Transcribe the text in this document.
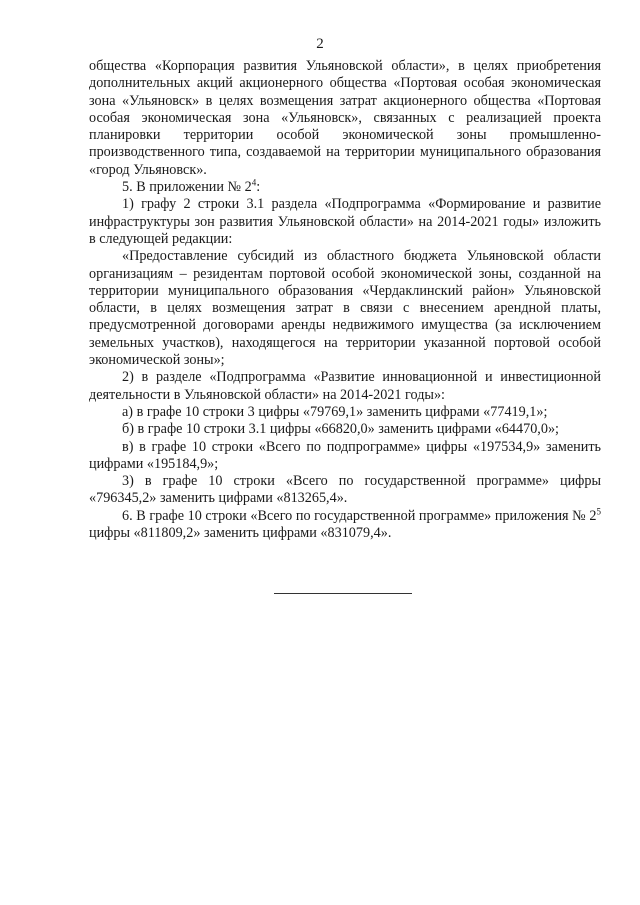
2

общества «Корпорация развития Ульяновской области», в целях приобретения дополнительных акций акционерного общества «Портовая особая экономическая зона «Ульяновск» в целях возмещения затрат акционерного общества «Портовая особая экономическая зона «Ульяновск», связанных с реализацией проекта планировки территории особой экономической зоны промышленно-производственного типа, создаваемой на территории муниципального образования «город Ульяновск».

5. В приложении № $2^4$:

1) графу 2 строки 3.1 раздела «Подпрограмма «Формирование и развитие инфраструктуры зон развития Ульяновской области» на 2014-2021 годы» изложить в следующей редакции:

«Предоставление субсидий из областного бюджета Ульяновской области организациям – резидентам портовой особой экономической зоны, созданной на территории муниципального образования «Чердаклинский район» Ульяновской области, в целях возмещения затрат в связи с внесением арендной платы, предусмотренной договорами аренды недвижимого имущества (за исключением земельных участков), находящегося на территории указанной портовой особой экономической зоны»;

2) в разделе «Подпрограмма «Развитие инновационной и инвестиционной деятельности в Ульяновской области» на 2014-2021 годы»:

а) в графе 10 строки 3 цифры «79769,1» заменить цифрами «77419,1»;

б) в графе 10 строки 3.1 цифры «66820,0» заменить цифрами «64470,0»;

в) в графе 10 строки «Всего по подпрограмме» цифры «197534,9» заменить цифрами «195184,9»;

3) в графе 10 строки «Всего по государственной программе» цифры «796345,2» заменить цифрами «813265,4».

6. В графе 10 строки «Всего по государственной программе» приложения № $2^5$ цифры «811809,2» заменить цифрами «831079,4».
